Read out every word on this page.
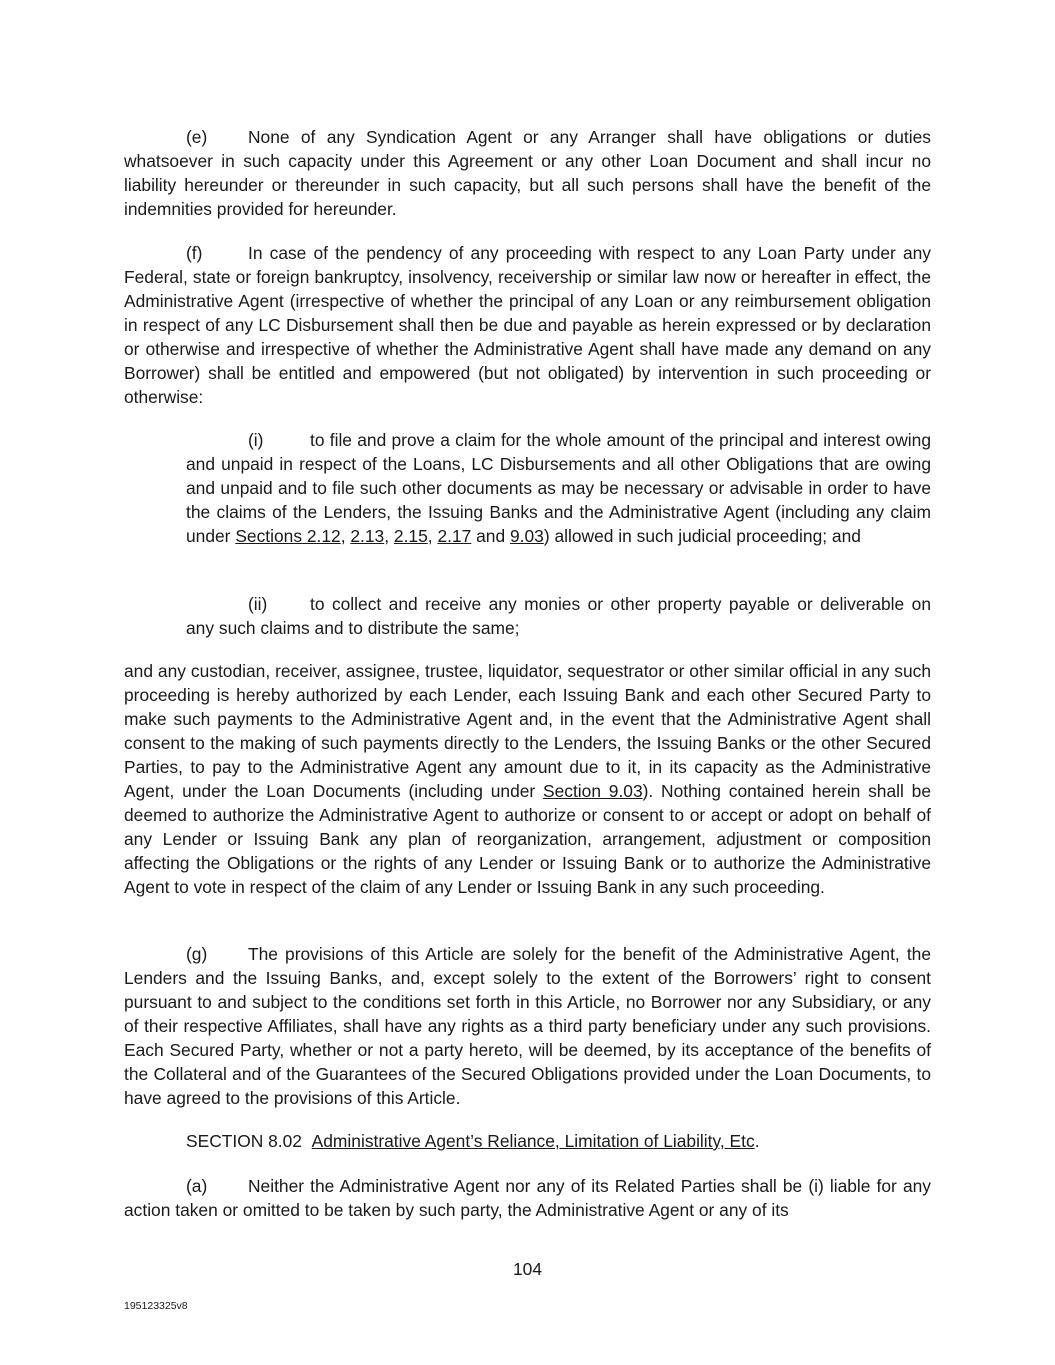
(e) None of any Syndication Agent or any Arranger shall have obligations or duties whatsoever in such capacity under this Agreement or any other Loan Document and shall incur no liability hereunder or thereunder in such capacity, but all such persons shall have the benefit of the indemnities provided for hereunder.

(f)	In case of the pendency of any proceeding with respect to any Loan Party under any Federal, state or foreign bankruptcy, insolvency, receivership or similar law now or hereafter in effect, the Administrative Agent (irrespective of whether the principal of any Loan or any reimbursement obligation in respect of any LC Disbursement shall then be due and payable as herein expressed or by declaration or otherwise and irrespective of whether the Administrative Agent shall have made any demand on any Borrower) shall be entitled and empowered (but not obligated) by intervention in such proceeding or otherwise:

(i)	to file and prove a claim for the whole amount of the principal and interest owing and unpaid in respect of the Loans, LC Disbursements and all other Obligations that are owing and unpaid and to file such other documents as may be necessary or advisable in order to have the claims of the Lenders, the Issuing Banks and the Administrative Agent (including any claim under Sections 2.12, 2.13, 2.15, 2.17 and 9.03) allowed in such judicial proceeding; and

(ii) to collect and receive any monies or other property payable or deliverable on any such claims and to distribute the same;

and any custodian, receiver, assignee, trustee, liquidator, sequestrator or other similar official in any such proceeding is hereby authorized by each Lender, each Issuing Bank and each other Secured Party to make such payments to the Administrative Agent and, in the event that the Administrative Agent shall consent to the making of such payments directly to the Lenders, the Issuing Banks or the other Secured Parties, to pay to the Administrative Agent any amount due to it, in its capacity as the Administrative Agent, under the Loan Documents (including under Section 9.03). Nothing contained herein shall be deemed to authorize the Administrative Agent to authorize or consent to or accept or adopt on behalf of any Lender or Issuing Bank any plan of reorganization, arrangement, adjustment or composition affecting the Obligations or the rights of any Lender or Issuing Bank or to authorize the Administrative Agent to vote in respect of the claim of any Lender or Issuing Bank in any such proceeding.

(g) The provisions of this Article are solely for the benefit of the Administrative Agent, the Lenders and the Issuing Banks, and, except solely to the extent of the Borrowers’ right to consent pursuant to and subject to the conditions set forth in this Article, no Borrower nor any Subsidiary, or any of their respective Affiliates, shall have any rights as a third party beneficiary under any such provisions. Each Secured Party, whether or not a party hereto, will be deemed, by its acceptance of the benefits of the Collateral and of the Guarantees of the Secured Obligations provided under the Loan Documents, to have agreed to the provisions of this Article.

SECTION 8.02 Administrative Agent’s Reliance, Limitation of Liability, Etc.

(a) Neither the Administrative Agent nor any of its Related Parties shall be (i) liable for any action taken or omitted to be taken by such party, the Administrative Agent or any of its

104
195123325v8
